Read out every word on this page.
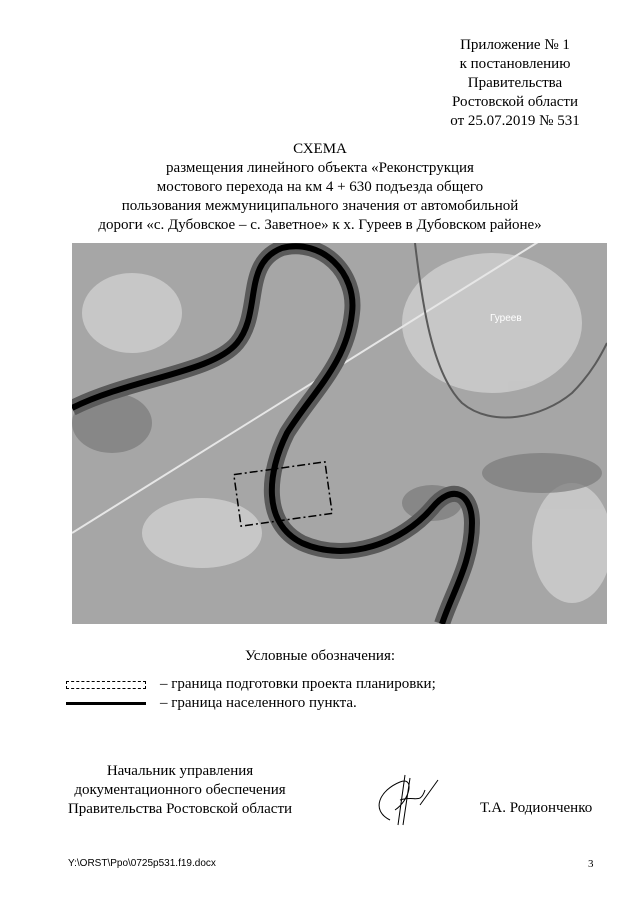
Приложение № 1
к постановлению
Правительства
Ростовской области
от 25.07.2019 № 531
СХЕМА
размещения линейного объекта «Реконструкция
мостового перехода на км 4 + 630 подъезда общего
пользования межмуниципального значения от автомобильной
дороги «с. Дубовское – с. Заветное» к х. Гуреев в Дубовском районе»
Гуреев
Условные обозначения:
– граница подготовки проекта планировки;
– граница населенного пункта.
Начальник управления
документационного обеспечения
Правительства Ростовской области	Т.А. Родионченко
Y:\ORST\Ppo\0725p531.f19.docx	3
